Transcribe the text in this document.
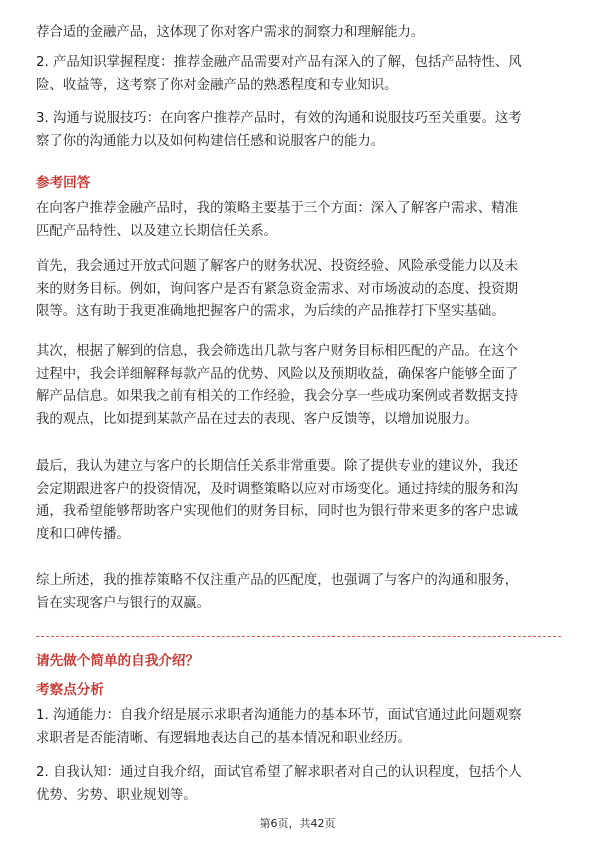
荐合适的金融产品，这体现了你对客户需求的洞察力和理解能力。
2. 产品知识掌握程度：推荐金融产品需要对产品有深入的了解，包括产品特性、风
险、收益等，这考察了你对金融产品的熟悉程度和专业知识。
3. 沟通与说服技巧：在向客户推荐产品时，有效的沟通和说服技巧至关重要。这考
察了你的沟通能力以及如何构建信任感和说服客户的能力。
参考回答
在向客户推荐金融产品时，我的策略主要基于三个方面：深入了解客户需求、精准
匹配产品特性、以及建立长期信任关系。
首先，我会通过开放式问题了解客户的财务状况、投资经验、风险承受能力以及未
来的财务目标。例如，询问客户是否有紧急资金需求、对市场波动的态度、投资期
限等。这有助于我更准确地把握客户的需求，为后续的产品推荐打下坚实基础。
其次，根据了解到的信息，我会筛选出几款与客户财务目标相匹配的产品。在这个
过程中，我会详细解释每款产品的优势、风险以及预期收益，确保客户能够全面了
解产品信息。如果我之前有相关的工作经验，我会分享一些成功案例或者数据支持
我的观点，比如提到某款产品在过去的表现、客户反馈等，以增加说服力。
最后，我认为建立与客户的长期信任关系非常重要。除了提供专业的建议外，我还
会定期跟进客户的投资情况，及时调整策略以应对市场变化。通过持续的服务和沟
通，我希望能够帮助客户实现他们的财务目标，同时也为银行带来更多的客户忠诚
度和口碑传播。
综上所述，我的推荐策略不仅注重产品的匹配度，也强调了与客户的沟通和服务，
旨在实现客户与银行的双赢。
请先做个简单的自我介绍？
考察点分析
1. 沟通能力：自我介绍是展示求职者沟通能力的基本环节，面试官通过此问题观察
求职者是否能清晰、有逻辑地表达自己的基本情况和职业经历。
2. 自我认知：通过自我介绍，面试官希望了解求职者对自己的认识程度，包括个人
优势、劣势、职业规划等。
第6页，共42页
